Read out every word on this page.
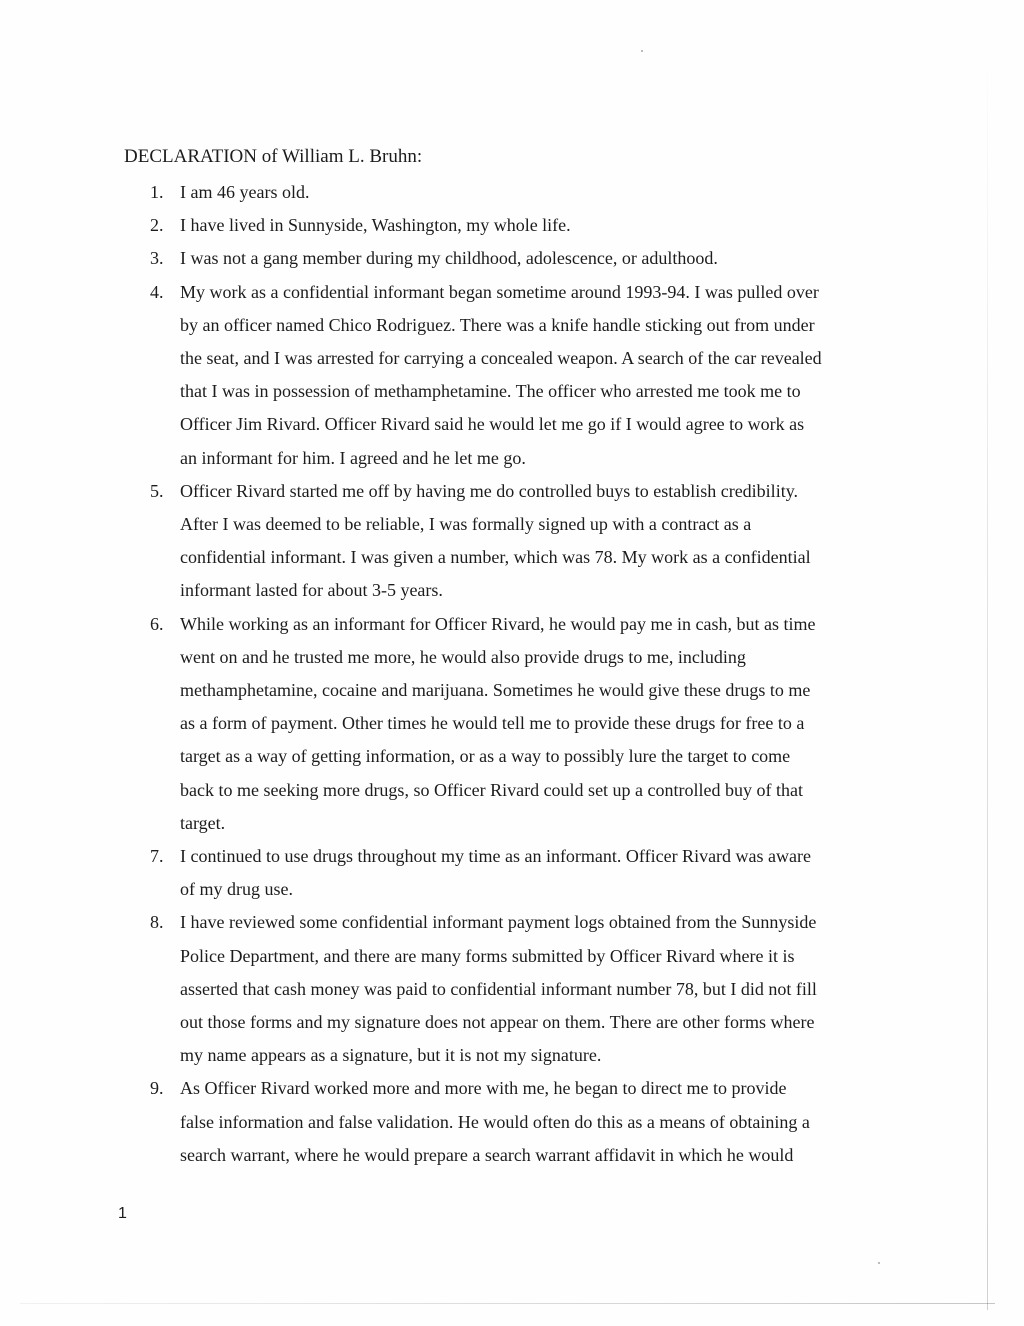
DECLARATION of William L. Bruhn:
1. I am 46 years old.
2. I have lived in Sunnyside, Washington, my whole life.
3. I was not a gang member during my childhood, adolescence, or adulthood.
4. My work as a confidential informant began sometime around 1993-94. I was pulled over
by an officer named Chico Rodriguez. There was a knife handle sticking out from under
the seat, and I was arrested for carrying a concealed weapon. A search of the car revealed
that I was in possession of methamphetamine. The officer who arrested me took me to
Officer Jim Rivard. Officer Rivard said he would let me go if I would agree to work as
an informant for him. I agreed and he let me go.
5. Officer Rivard started me off by having me do controlled buys to establish credibility.
After I was deemed to be reliable, I was formally signed up with a contract as a
confidential informant. I was given a number, which was 78. My work as a confidential
informant lasted for about 3-5 years.
6. While working as an informant for Officer Rivard, he would pay me in cash, but as time
went on and he trusted me more, he would also provide drugs to me, including
methamphetamine, cocaine and marijuana. Sometimes he would give these drugs to me
as a form of payment. Other times he would tell me to provide these drugs for free to a
target as a way of getting information, or as a way to possibly lure the target to come
back to me seeking more drugs, so Officer Rivard could set up a controlled buy of that
target.
7. I continued to use drugs throughout my time as an informant. Officer Rivard was aware
of my drug use.
8. I have reviewed some confidential informant payment logs obtained from the Sunnyside
Police Department, and there are many forms submitted by Officer Rivard where it is
asserted that cash money was paid to confidential informant number 78, but I did not fill
out those forms and my signature does not appear on them. There are other forms where
my name appears as a signature, but it is not my signature.
9. As Officer Rivard worked more and more with me, he began to direct me to provide
false information and false validation. He would often do this as a means of obtaining a
search warrant, where he would prepare a search warrant affidavit in which he would
1
